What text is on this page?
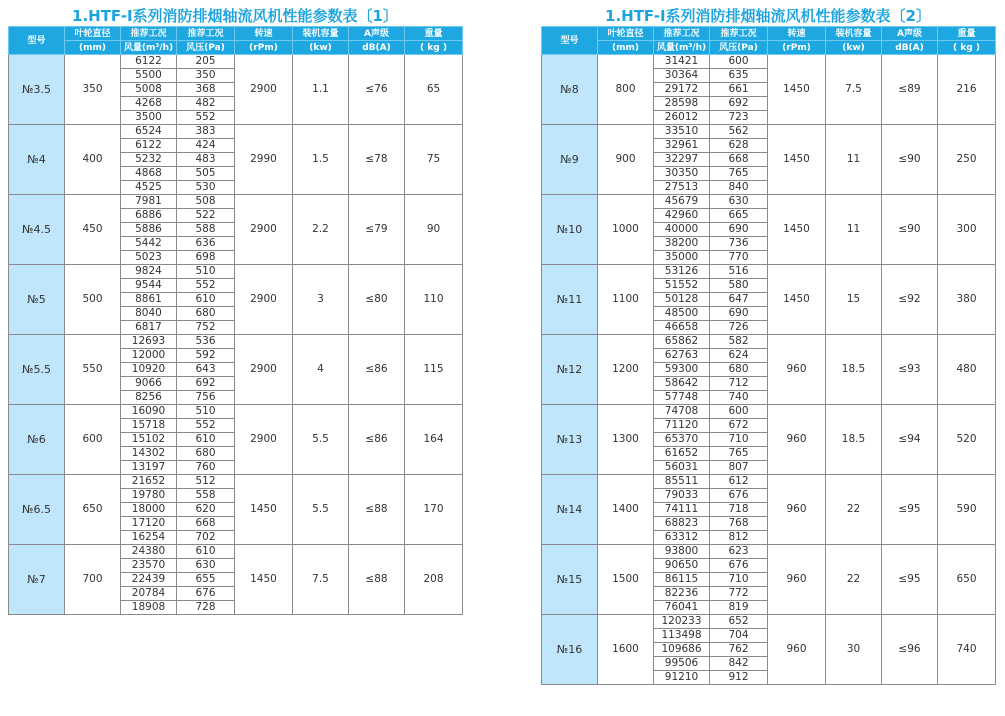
1.HTF-Ⅰ系列消防排烟轴流风机性能参数表〔1〕
型号	叶轮直径	推荐工况	推荐工况	转速	装机容量	A声级	重量
	(mm)	风量(m³/h)	风压(Pa)	(rPm)	(kw)	dB(A)	( kg )
№3.5	350	6122	205	2900	1.1	≤76	65
		5500	350				
		5008	368				
		4268	482				
		3500	552				
№4	400	6524	383	2990	1.5	≤78	75
		6122	424				
		5232	483				
		4868	505				
		4525	530				
№4.5	450	7981	508	2900	2.2	≤79	90
		6886	522				
		5886	588				
		5442	636				
		5023	698				
№5	500	9824	510	2900	3	≤80	110
		9544	552				
		8861	610				
		8040	680				
		6817	752				
№5.5	550	12693	536	2900	4	≤86	115
		12000	592				
		10920	643				
		9066	692				
		8256	756				
№6	600	16090	510	2900	5.5	≤86	164
		15718	552				
		15102	610				
		14302	680				
		13197	760				
№6.5	650	21652	512	1450	5.5	≤88	170
		19780	558				
		18000	620				
		17120	668				
		16254	702				
№7	700	24380	610	1450	7.5	≤88	208
		23570	630				
		22439	655				
		20784	676				
		18908	728				
1.HTF-Ⅰ系列消防排烟轴流风机性能参数表〔2〕
型号	叶轮直径	推荐工况	推荐工况	转速	装机容量	A声级	重量
	(mm)	风量(m³/h)	风压(Pa)	(rPm)	(kw)	dB(A)	( kg )
№8	800	31421	600	1450	7.5	≤89	216
		30364	635				
		29172	661				
		28598	692				
		26012	723				
№9	900	33510	562	1450	11	≤90	250
		32961	628				
		32297	668				
		30350	765				
		27513	840				
№10	1000	45679	630	1450	11	≤90	300
		42960	665				
		40000	690				
		38200	736				
		35000	770				
№11	1100	53126	516	1450	15	≤92	380
		51552	580				
		50128	647				
		48500	690				
		46658	726				
№12	1200	65862	582	960	18.5	≤93	480
		62763	624				
		59300	680				
		58642	712				
		57748	740				
№13	1300	74708	600	960	18.5	≤94	520
		71120	672				
		65370	710				
		61652	765				
		56031	807				
№14	1400	85511	612	960	22	≤95	590
		79033	676				
		74111	718				
		68823	768				
		63312	812				
№15	1500	93800	623	960	22	≤95	650
		90650	676				
		86115	710				
		82236	772				
		76041	819				
№16	1600	120233	652	960	30	≤96	740
		113498	704				
		109686	762				
		99506	842				
		91210	912				
